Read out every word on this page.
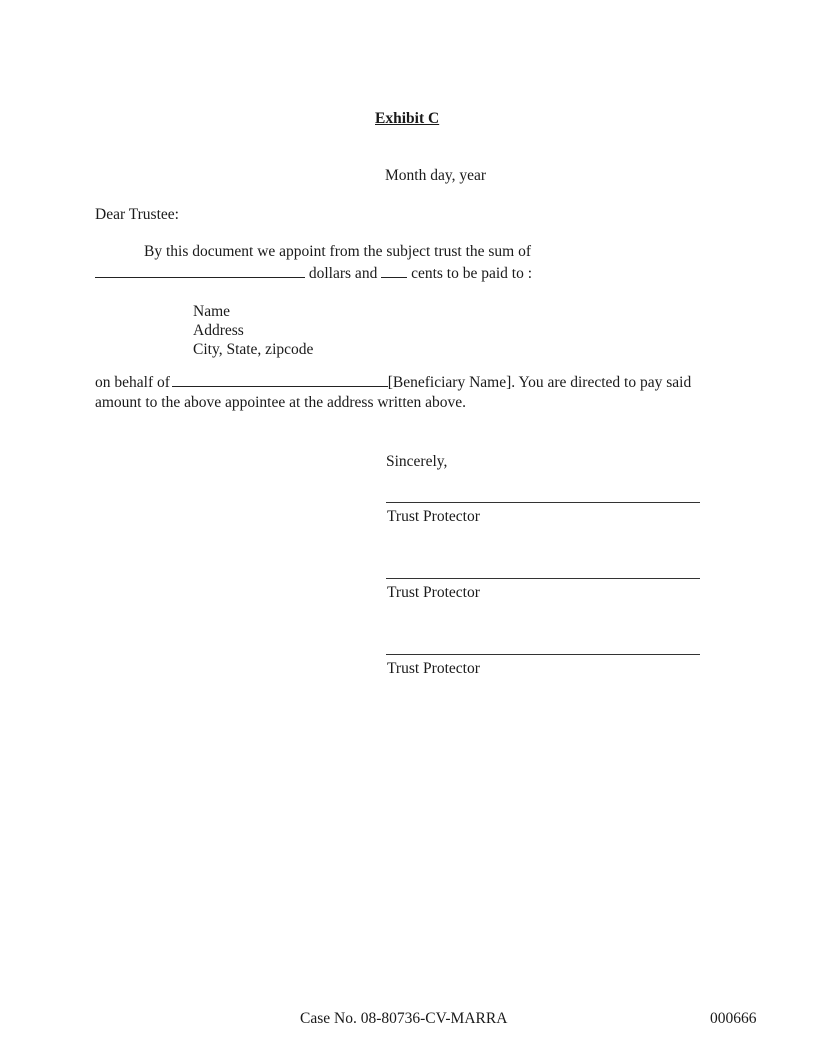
Exhibit C
Month day, year
Dear Trustee:
By this document we appoint from the subject trust the sum of
dollars and cents to be paid to :
Name
Address
City, State, zipcode
on behalf of	[Beneficiary Name]. You are directed to pay said
amount to the above appointee at the address written above.
Sincerely,
Trust Protector
Trust Protector
Trust Protector
Case No. 08-80736-CV-MARRA	000666
